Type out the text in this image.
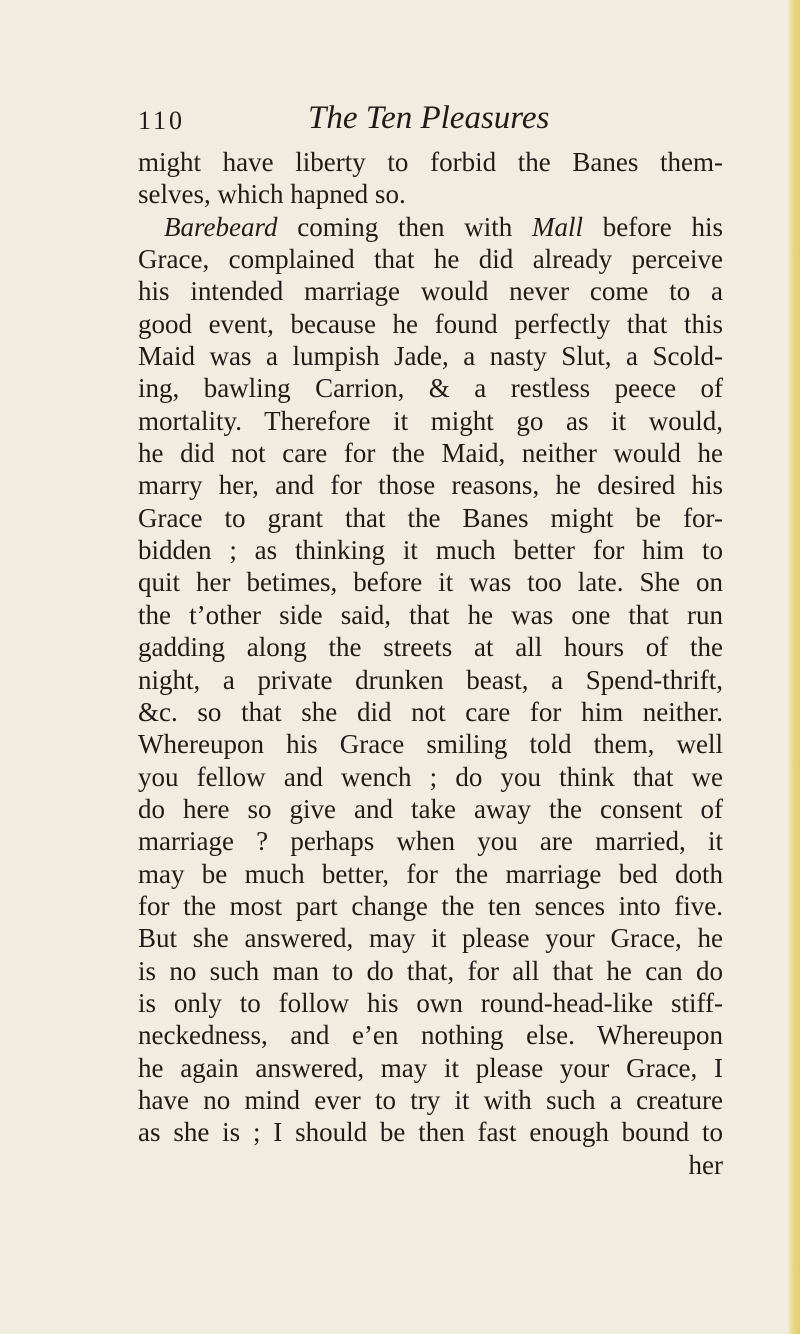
110	The Ten Pleasures
might have liberty to forbid the Banes them-
selves, which hapned so.
Barebeard coming then with Mall before his
Grace, complained that he did already perceive
his intended marriage would never come to a
good event, because he found perfectly that this
Maid was a lumpish Jade, a nasty Slut, a Scold-
ing, bawling Carrion, & a restless peece of
mortality. Therefore it might go as it would,
he did not care for the Maid, neither would he
marry her, and for those reasons, he desired his
Grace to grant that the Banes might be for-
bidden ; as thinking it much better for him to
quit her betimes, before it was too late. She on
the t’other side said, that he was one that run
gadding along the streets at all hours of the
night, a private drunken beast, a Spend-thrift,
&c. so that she did not care for him neither.
Whereupon his Grace smiling told them, well
you fellow and wench ; do you think that we
do here so give and take away the consent of
marriage ? perhaps when you are married, it
may be much better, for the marriage bed doth
for the most part change the ten sences into five.
But she answered, may it please your Grace, he
is no such man to do that, for all that he can do
is only to follow his own round-head-like stiff-
neckedness, and e’en nothing else. Whereupon
he again answered, may it please your Grace, I
have no mind ever to try it with such a creature
as she is ; I should be then fast enough bound to
her
